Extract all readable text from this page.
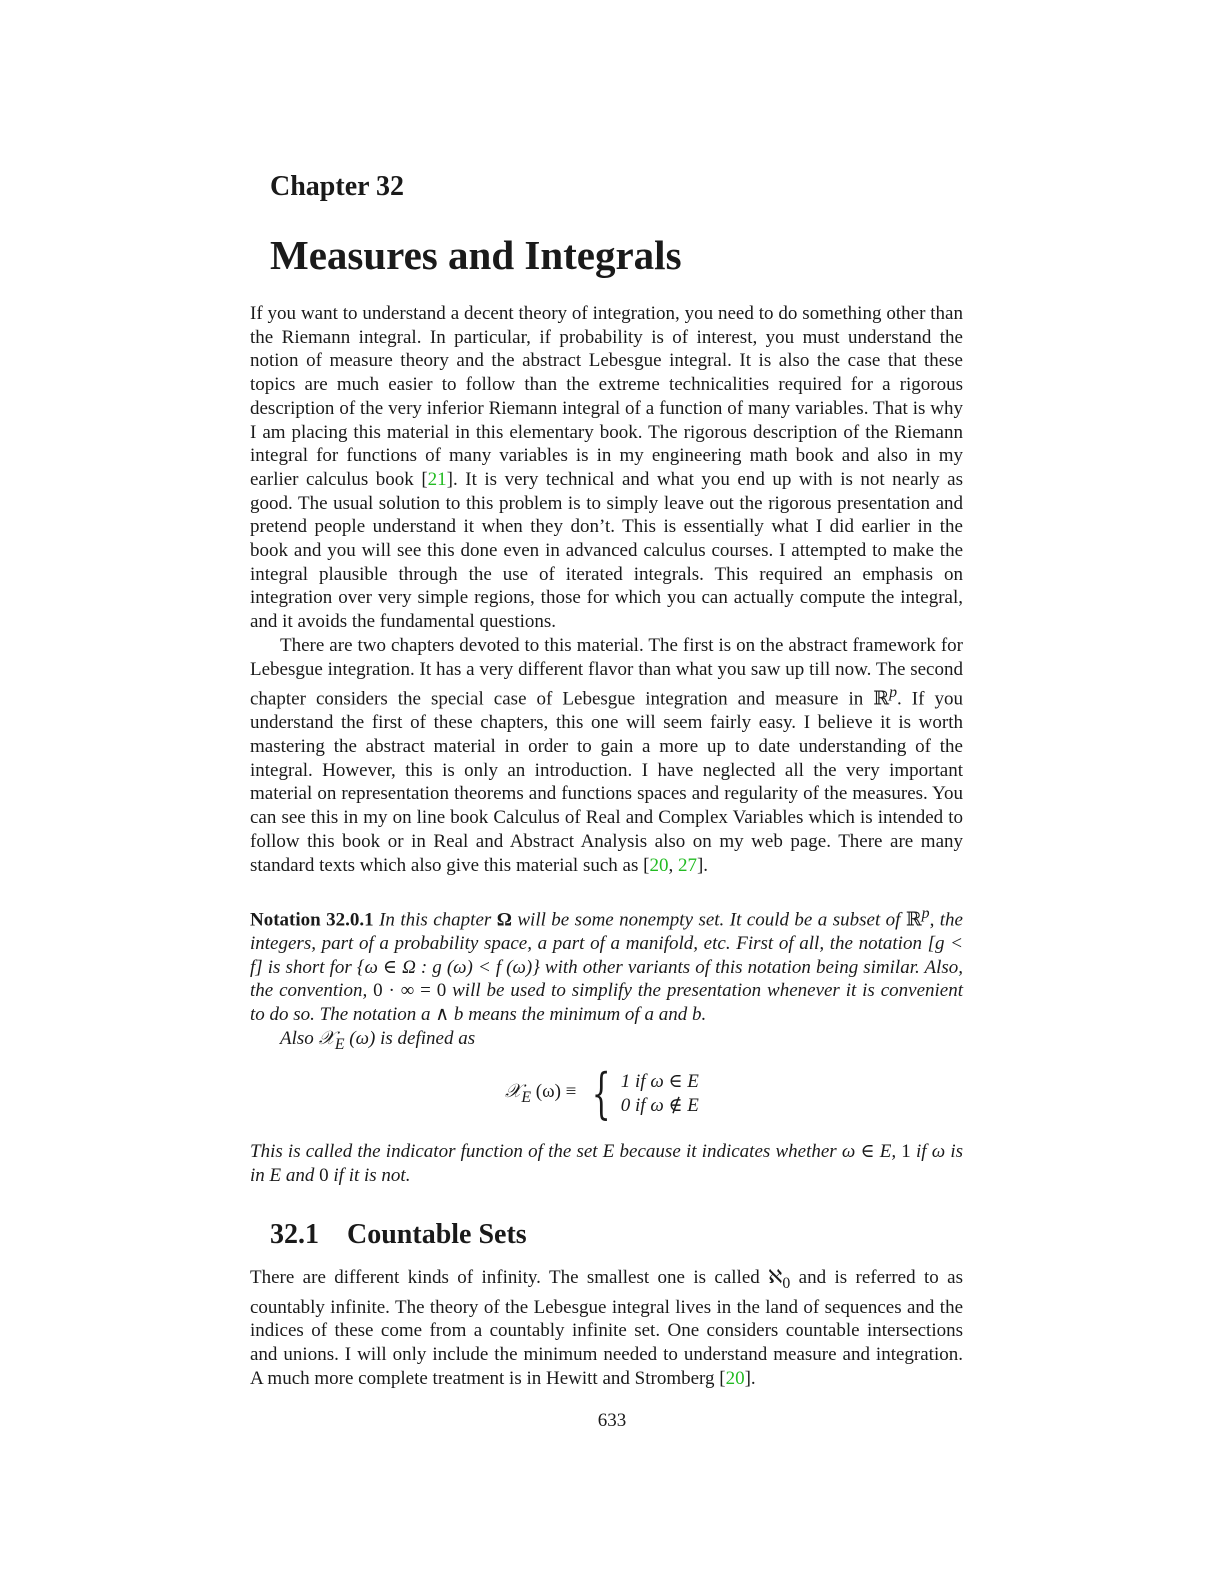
Chapter 32
Measures and Integrals

If you want to understand a decent theory of integration, you need to do something other than the Riemann integral. In particular, if probability is of interest, you must understand the notion of measure theory and the abstract Lebesgue integral. It is also the case that these topics are much easier to follow than the extreme technicalities required for a rigorous description of the very inferior Riemann integral of a function of many variables. That is why I am placing this material in this elementary book. The rigorous description of the Riemann integral for functions of many variables is in my engineering math book and also in my earlier calculus book [21]. It is very technical and what you end up with is not nearly as good. The usual solution to this problem is to simply leave out the rigorous presentation and pretend people understand it when they don’t. This is essentially what I did earlier in the book and you will see this done even in advanced calculus courses. I attempted to make the integral plausible through the use of iterated integrals. This required an emphasis on integration over very simple regions, those for which you can actually compute the integral, and it avoids the fundamental questions.

There are two chapters devoted to this material. The first is on the abstract framework for Lebesgue integration. It has a very different flavor than what you saw up till now. The second chapter considers the special case of Lebesgue integration and measure in ℝ$^p$. If you understand the first of these chapters, this one will seem fairly easy. I believe it is worth mastering the abstract material in order to gain a more up to date understanding of the integral. However, this is only an introduction. I have neglected all the very important material on representation theorems and functions spaces and regularity of the measures. You can see this in my on line book Calculus of Real and Complex Variables which is intended to follow this book or in Real and Abstract Analysis also on my web page. There are many standard texts which also give this material such as [20, 27].

Notation 32.0.1 In this chapter Ω will be some nonempty set. It could be a subset of ℝ$^p$, the integers, part of a probability space, a part of a manifold, etc. First of all, the notation [g < f] is short for {ω ∈ Ω : g (ω) < f (ω)} with other variants of this notation being similar. Also, the convention, 0 · ∞ = 0 will be used to simplify the presentation whenever it is convenient to do so. The notation a ∧ b means the minimum of a and b.

Also 𝒳$_E$ (ω) is defined as

𝒳$_E$ (ω) ≡ { 1 if ω ∈ E
0 if ω ∉ E

This is called the indicator function of the set E because it indicates whether ω ∈ E, 1 if ω is in E and 0 if it is not.

32.1 Countable Sets

There are different kinds of infinity. The smallest one is called ℵ$_0$ and is referred to as countably infinite. The theory of the Lebesgue integral lives in the land of sequences and the indices of these come from a countably infinite set. One considers countable intersections and unions. I will only include the minimum needed to understand measure and integration. A much more complete treatment is in Hewitt and Stromberg [20].

633
